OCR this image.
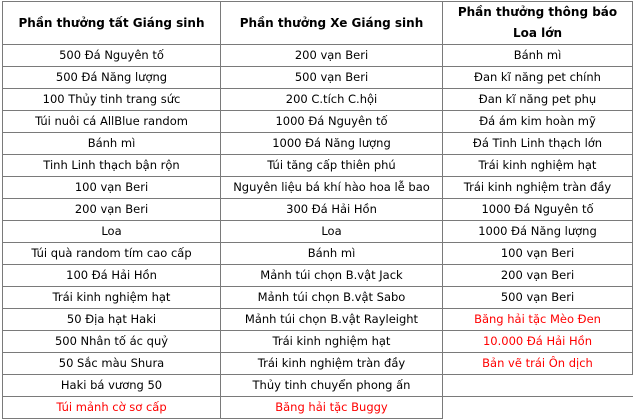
Phần thưởng tất Giáng sinh	Phần thưởng Xe Giáng sinh	Phần thưởng thông báo Loa lớn
500 Đá Nguyên tố	200 vạn Beri	Bánh mì
500 Đá Năng lượng	500 vạn Beri	Đan kĩ năng pet chính
100 Thủy tinh trang sức	200 C.tích C.hội	Đan kĩ năng pet phụ
Túi nuôi cá AllBlue random	1000 Đá Nguyên tố	Đá ám kim hoàn mỹ
Bánh mì	1000 Đá Năng lượng	Đá Tinh Linh thạch lớn
Tinh Linh thạch bận rộn	Túi tăng cấp thiên phú	Trái kinh nghiệm hạt
100 vạn Beri	Nguyên liệu bá khí hào hoa lễ bao	Trái kinh nghiệm tràn đầy
200 vạn Beri	300 Đá Hải Hồn	1000 Đá Nguyên tố
Loa	Loa	1000 Đá Năng lượng
Túi quà random tím cao cấp	Bánh mì	100 vạn Beri
100 Đá Hải Hồn	Mảnh túi chọn B.vật Jack	200 vạn Beri
Trái kinh nghiệm hạt	Mảnh túi chọn B.vật Sabo	500 vạn Beri
50 Địa hạt Haki	Mảnh túi chọn B.vật Rayleight	Băng hải tặc Mèo Đen
500 Nhân tố ác quỷ	Trái kinh nghiệm hạt	10.000 Đá Hải Hồn
50 Sắc màu Shura	Trái kinh nghiệm tràn đầy	Bản vẽ trái Ôn dịch
Haki bá vương 50	Thủy tinh chuyển phong ấn	
Túi mảnh cờ sơ cấp	Băng hải tặc Buggy	
